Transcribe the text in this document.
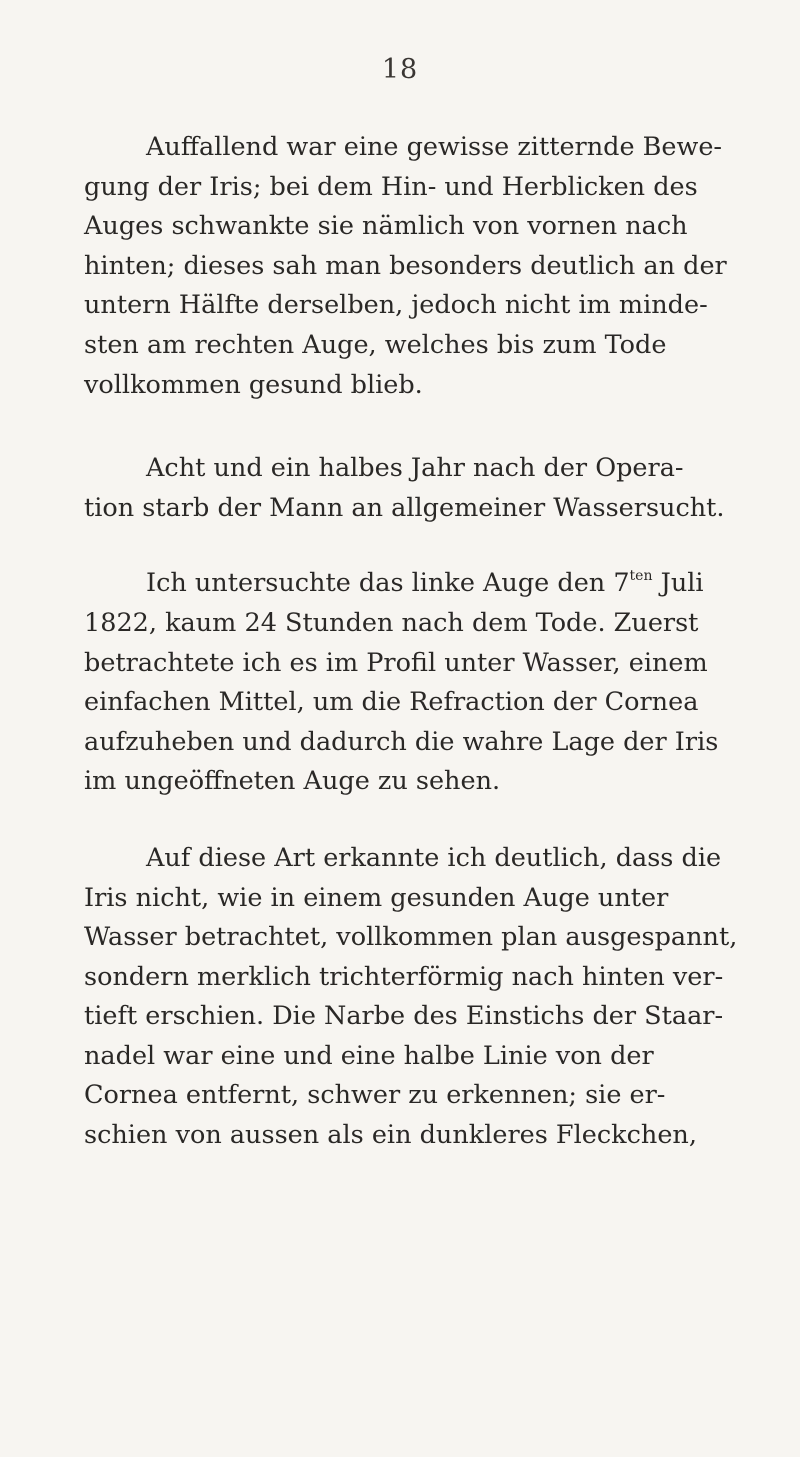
18
Auffallend war eine gewisse zitternde Bewe-
gung der Iris; bei dem Hin- und Herblicken des
Auges schwankte sie nämlich von vornen nach
hinten; dieses sah man besonders deutlich an der
untern Hälfte derselben, jedoch nicht im minde-
sten am rechten Auge, welches bis zum Tode
vollkommen gesund blieb.
Acht und ein halbes Jahr nach der Opera-
tion starb der Mann an allgemeiner Wassersucht.
Ich untersuchte das linke Auge den $7^{ten}$ Juli
1822, kaum 24 Stunden nach dem Tode. Zuerst
betrachtete ich es im Profil unter Wasser, einem
einfachen Mittel, um die Refraction der Cornea
aufzuheben und dadurch die wahre Lage der Iris
im ungeöffneten Auge zu sehen.
Auf diese Art erkannte ich deutlich, dass die
Iris nicht, wie in einem gesunden Auge unter
Wasser betrachtet, vollkommen plan ausgespannt,
sondern merklich trichterförmig nach hinten ver-
tieft erschien. Die Narbe des Einstichs der Staar-
nadel war eine und eine halbe Linie von der
Cornea entfernt, schwer zu erkennen; sie er-
schien von aussen als ein dunkleres Fleckchen,
